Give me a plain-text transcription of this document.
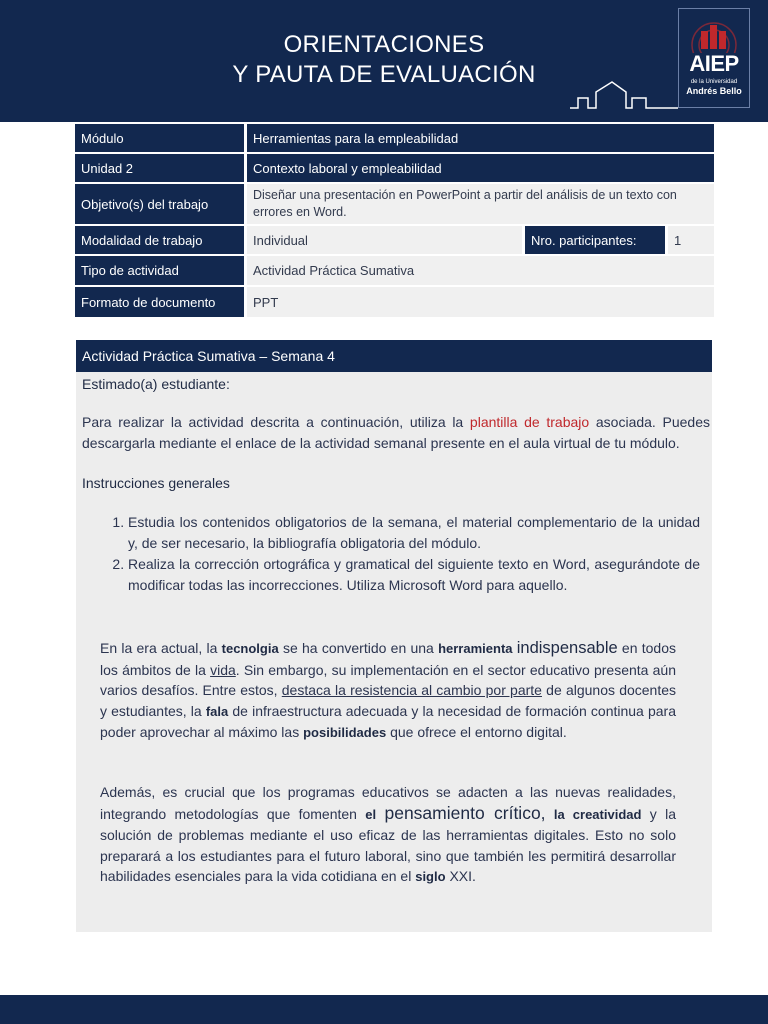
ORIENTACIONES
Y PAUTA DE EVALUACIÓN	AIEP
de la Universidad
Andrés Bello
Módulo	Herramientas para la empleabilidad		
Unidad 2	Contexto laboral y empleabilidad		
Objetivo(s) del trabajo	Diseñar una presentación en PowerPoint a partir del análisis de un texto con errores en Word.		
Modalidad de trabajo	Individual	Nro. participantes:	1
Tipo de actividad	Actividad Práctica Sumativa		
Formato de documento	PPT		
Actividad Práctica Sumativa – Semana 4
Estimado(a) estudiante:
Para realizar la actividad descrita a continuación, utiliza la plantilla de trabajo asociada. Puedes descargarla mediante el enlace de la actividad semanal presente en el aula virtual de tu módulo.
Instrucciones generales
1. Estudia los contenidos obligatorios de la semana, el material complementario de la unidad y, de ser necesario, la bibliografía obligatoria del módulo.
2. Realiza la corrección ortográfica y gramatical del siguiente texto en Word, asegurándote de modificar todas las incorrecciones. Utiliza Microsoft Word para aquello.
En la era actual, la tecnolgia se ha convertido en una herramienta indispensable en todos los ámbitos de la vida. Sin embargo, su implementación en el sector educativo presenta aún varios desafíos. Entre estos, destaca la resistencia al cambio por parte de algunos docentes y estudiantes, la fala de infraestructura adecuada y la necesidad de formación continua para poder aprovechar al máximo las posibilidades que ofrece el entorno digital.
Además, es crucial que los programas educativos se adacten a las nuevas realidades, integrando metodologías que fomenten el pensamiento crítico, la creatividad y la solución de problemas mediante el uso eficaz de las herramientas digitales. Esto no solo preparará a los estudiantes para el futuro laboral, sino que también les permitirá desarrollar habilidades esenciales para la vida cotidiana en el siglo XXI.
